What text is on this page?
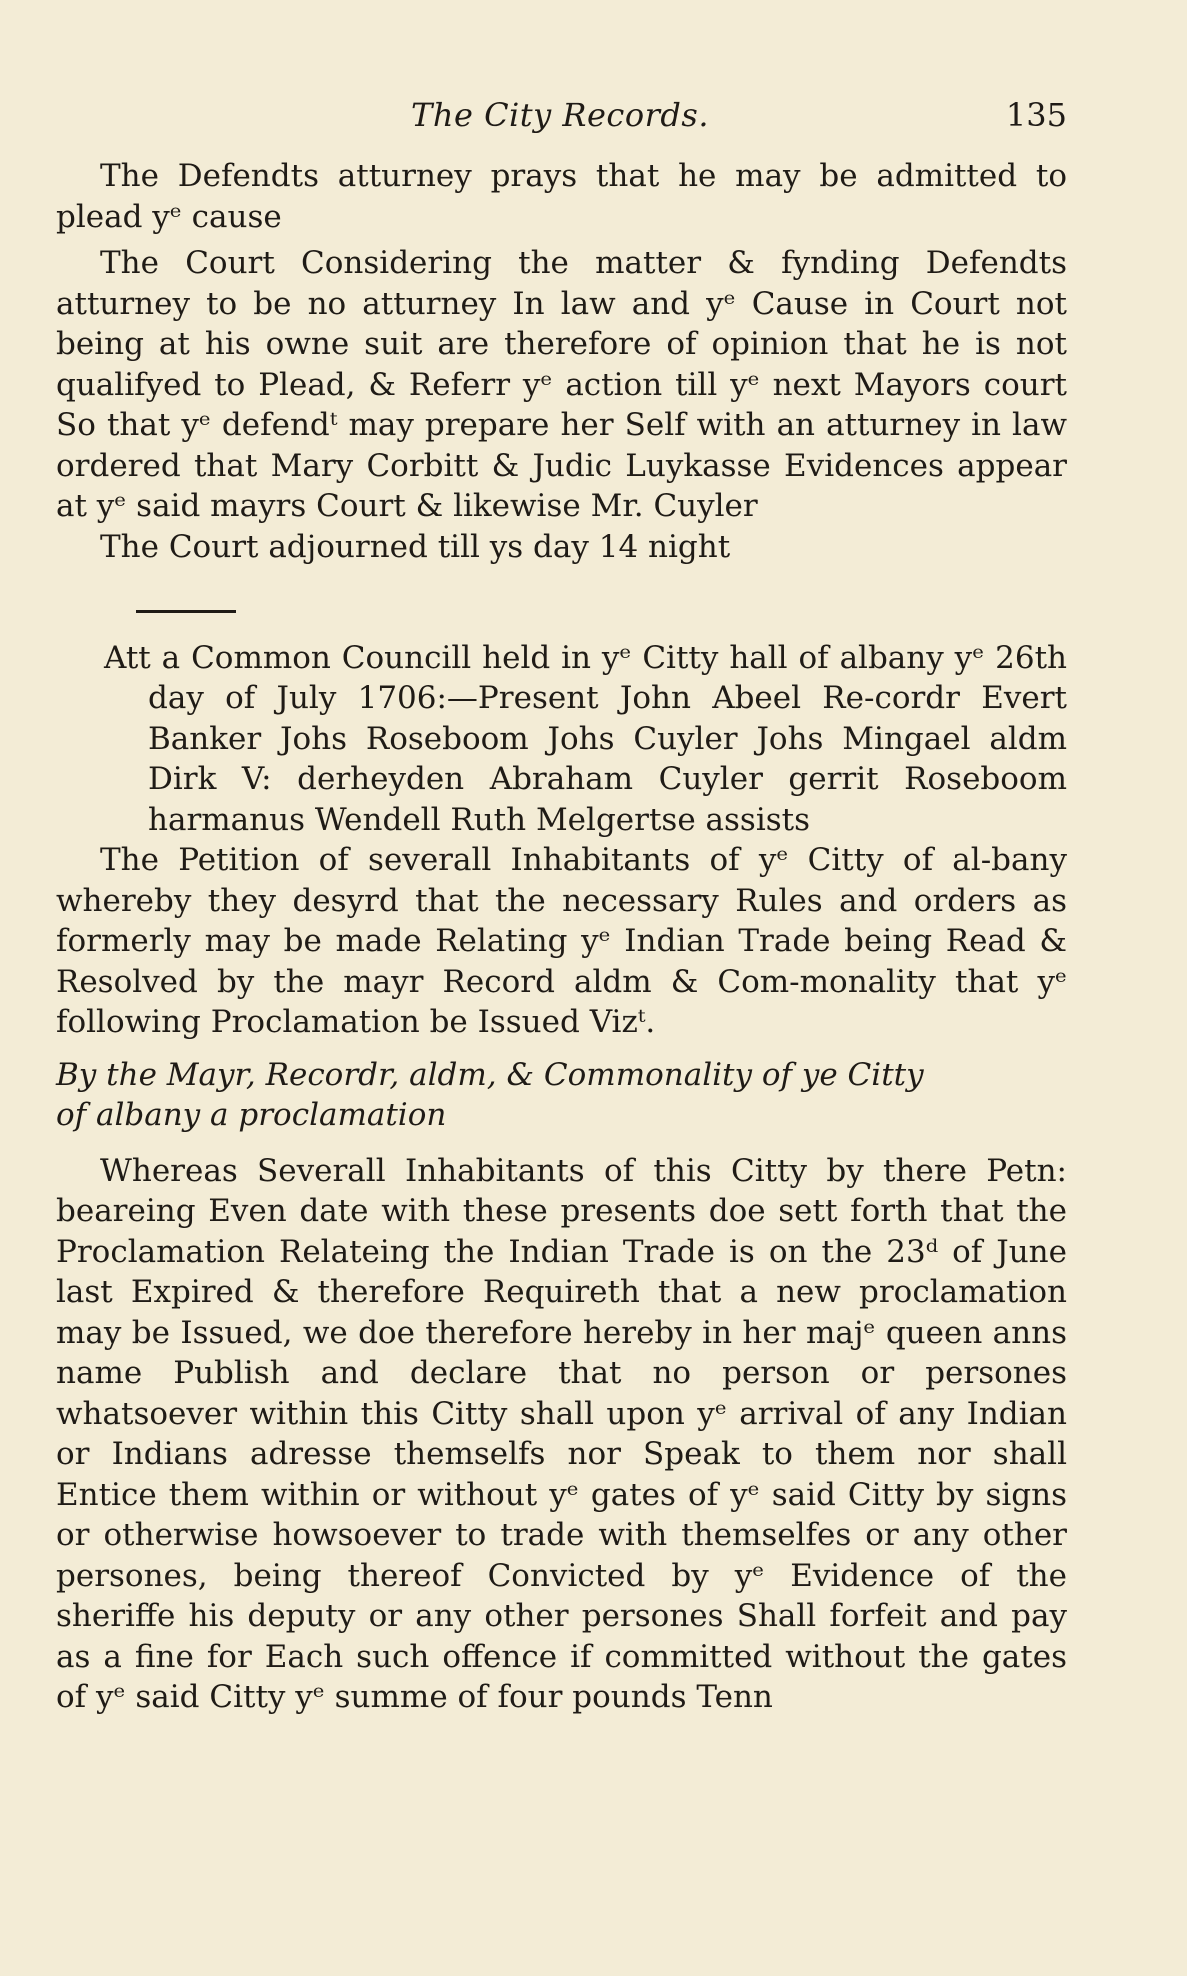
The City Records.	135

The Defendts atturney prays that he may be admitted to plead yᵉ cause

The Court Considering the matter & fynding Defendts atturney to be no atturney In law and yᵉ Cause in Court not being at his owne suit are therefore of opinion that he is not qualifyed to Plead, & Referr yᵉ action till yᵉ next Mayors court So that yᵉ defendᵗ may prepare her Self with an atturney in law ordered that Mary Corbitt & Judic Luykasse Evidences appear at yᵉ said mayrs Court & likewise Mr. Cuyler

The Court adjourned till ys day 14 night

Att a Common Councill held in yᵉ Citty hall of albany yᵉ 26th day of July 1706:—Present John Abeel Re-cordr Evert Banker Johs Roseboom Johs Cuyler Johs Mingael aldm Dirk V: derheyden Abraham Cuyler gerrit Roseboom harmanus Wendell Ruth Melgertse assists

The Petition of severall Inhabitants of yᵉ Citty of al-bany whereby they desyrd that the necessary Rules and orders as formerly may be made Relating yᵉ Indian Trade being Read & Resolved by the mayr Record aldm & Com-monality that yᵉ following Proclamation be Issued Vizᵗ.

By the Mayr, Recordr, aldm, & Commonality of ye Citty
of albany a proclamation

Whereas Severall Inhabitants of this Citty by there Petn: beareing Even date with these presents doe sett forth that the Proclamation Relateing the Indian Trade is on the 23ᵈ of June last Expired & therefore Requireth that a new proclamation may be Issued, we doe therefore hereby in her majᵉ queen anns name Publish and declare that no person or persones whatsoever within this Citty shall upon yᵉ arrival of any Indian or Indians adresse themselfs nor Speak to them nor shall Entice them within or without yᵉ gates of yᵉ said Citty by signs or otherwise howsoever to trade with themselfes or any other persones, being thereof Convicted by yᵉ Evidence of the sheriffe his deputy or any other persones Shall forfeit and pay as a fine for Each such offence if committed without the gates of yᵉ said Citty yᵉ summe of four pounds Tenn
